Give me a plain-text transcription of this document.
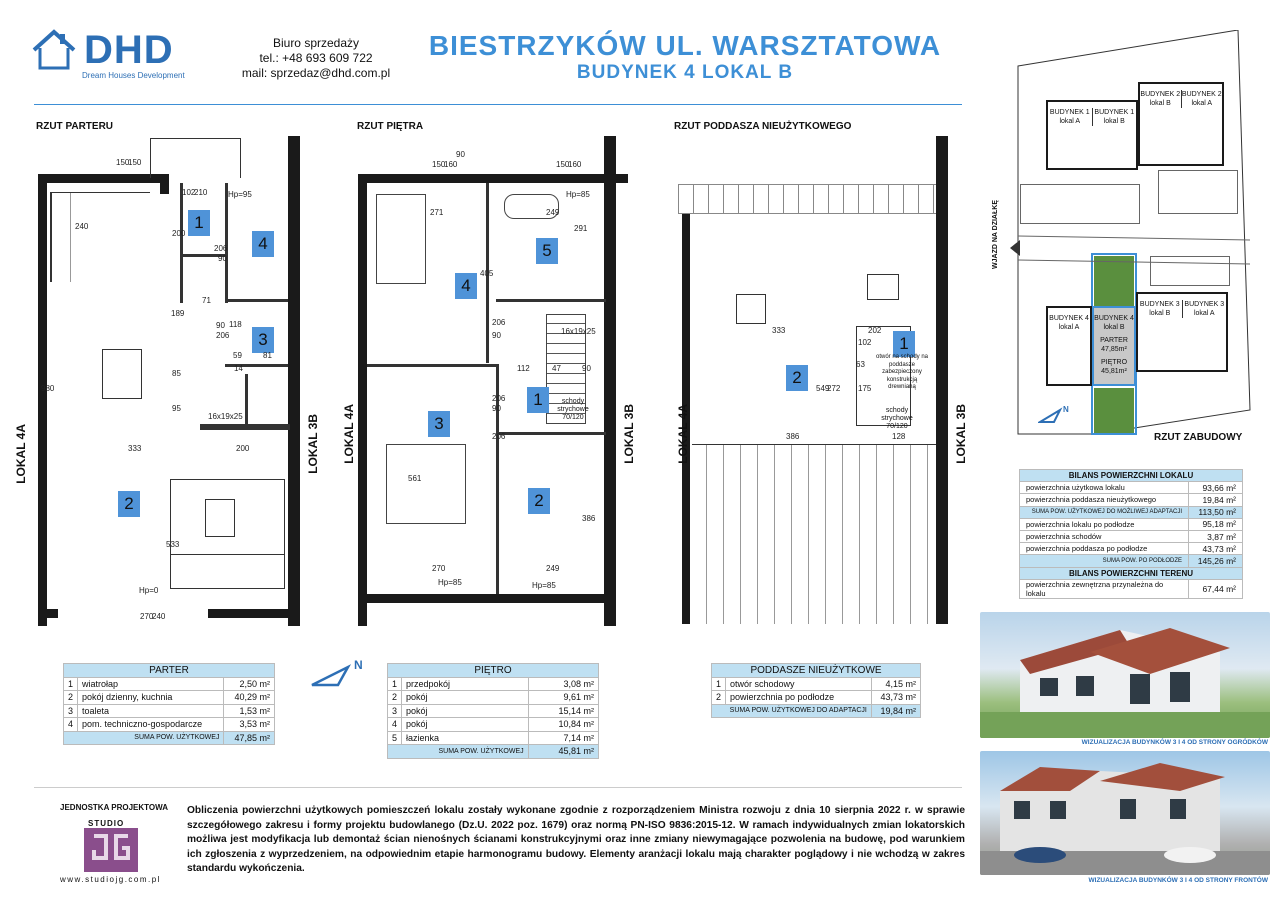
DHD
Dream Houses Development
Biuro sprzedaży
tel.: +48 693 609 722
mail: sprzedaz@dhd.com.pl
BIESTRZYKÓW UL. WARSZTATOWA
BUDYNEK 4 LOKAL B
RZUT PARTERU
1
2
3
4
240
200
206
90
333	200
533
980
85
95
71
118
59	81
14
16x19x25
Hp=0
Hp=95
270
240
150
150
102
210
189
90
206
LOKAL 4A	LOKAL 3B
RZUT PIĘTRA
1
2
3
4
5
271	249
405
291
112	47	90
561
270	249
386
16x19x25
Hp=85
Hp=85	Hp=85
150
160	150
160
90
206
90
206
90
206
schody strychowe
70/120
LOKAL 4A	LOKAL 3B
RZUT PODDASZA NIEUŻYTKOWEGO
1
2
333	202
386	128
549
272
63
102
175
otwór na schody na poddasze zabezpieczony konstrukcją drewnianą
schody strychowe
70/120
LOKAL 4A	LOKAL 3B
N
PARTER		
1	wiatrołap	2,50 m²
2	pokój dzienny, kuchnia	40,29 m²
3	toaleta	1,53 m²
4	pom. techniczno-gospodarcze	3,53 m²
SUMA POW. UŻYTKOWEJ		47,85 m²
PIĘTRO		
1	przedpokój	3,08 m²
2	pokój	9,61 m²
3	pokój	15,14 m²
4	pokój	10,84 m²
5	łazienka	7,14 m²
SUMA POW. UŻYTKOWEJ		45,81 m²
PODDASZE NIEUŻYTKOWE		
1	otwór schodowy	4,15 m²
2	powierzchnia po podłodze	43,73 m²
SUMA POW. UŻYTKOWEJ DO ADAPTACJI		19,84 m²
BUDYNEK 1 lokal A
BUDYNEK 1 lokal B
BUDYNEK 2 lokal B
BUDYNEK 2 lokal A
BUDYNEK 4 lokal A
BUDYNEK 4 lokal B
PARTER
47,85m²
PIĘTRO
45,81m²
BUDYNEK 3 lokal B
BUDYNEK 3 lokal A
WJAZD NA DZIAŁKĘ
N
RZUT ZABUDOWY
BILANS POWIERZCHNI LOKALU	
powierzchnia użytkowa lokalu	93,66 m²
powierzchnia poddasza nieużytkowego	19,84 m²
SUMA POW. UŻYTKOWEJ DO MOŻLIWEJ ADAPTACJI	113,50 m²
powierzchnia lokalu po podłodze	95,18 m²
powierzchnia schodów	3,87 m²
powierzchnia poddasza po podłodze	43,73 m²
SUMA POW. PO PODŁODZE	145,26 m²
BILANS POWIERZCHNI TERENU	
powierzchnia zewnętrzna przynależna do lokalu	67,44 m²
WIZUALIZACJA BUDYNKÓW 3 I 4 OD STRONY OGRÓDKÓW
WIZUALIZACJA BUDYNKÓW 3 I 4 OD STRONY FRONTÓW
JEDNOSTKA PROJEKTOWA
STUDIO
www.studiojg.com.pl
Obliczenia powierzchni użytkowych pomieszczeń lokalu zostały wykonane zgodnie z rozporządzeniem Ministra rozwoju z dnia 10 sierpnia 2022 r. w sprawie szczegółowego zakresu i formy projektu budowlanego (Dz.U. 2022 poz. 1679) oraz normą PN-ISO 9836:2015-12. W ramach indywidualnych zmian lokatorskich możliwa jest modyfikacja lub demontaż ścian nienośnych ścianami konstrukcyjnymi oraz inne zmiany niewymagające pozwolenia na budowę, pod warunkiem ich zgłoszenia z wyprzedzeniem, na odpowiednim etapie harmonogramu budowy. Elementy aranżacji lokalu mają charakter poglądowy i nie wchodzą w zakres standardu wykończenia.
